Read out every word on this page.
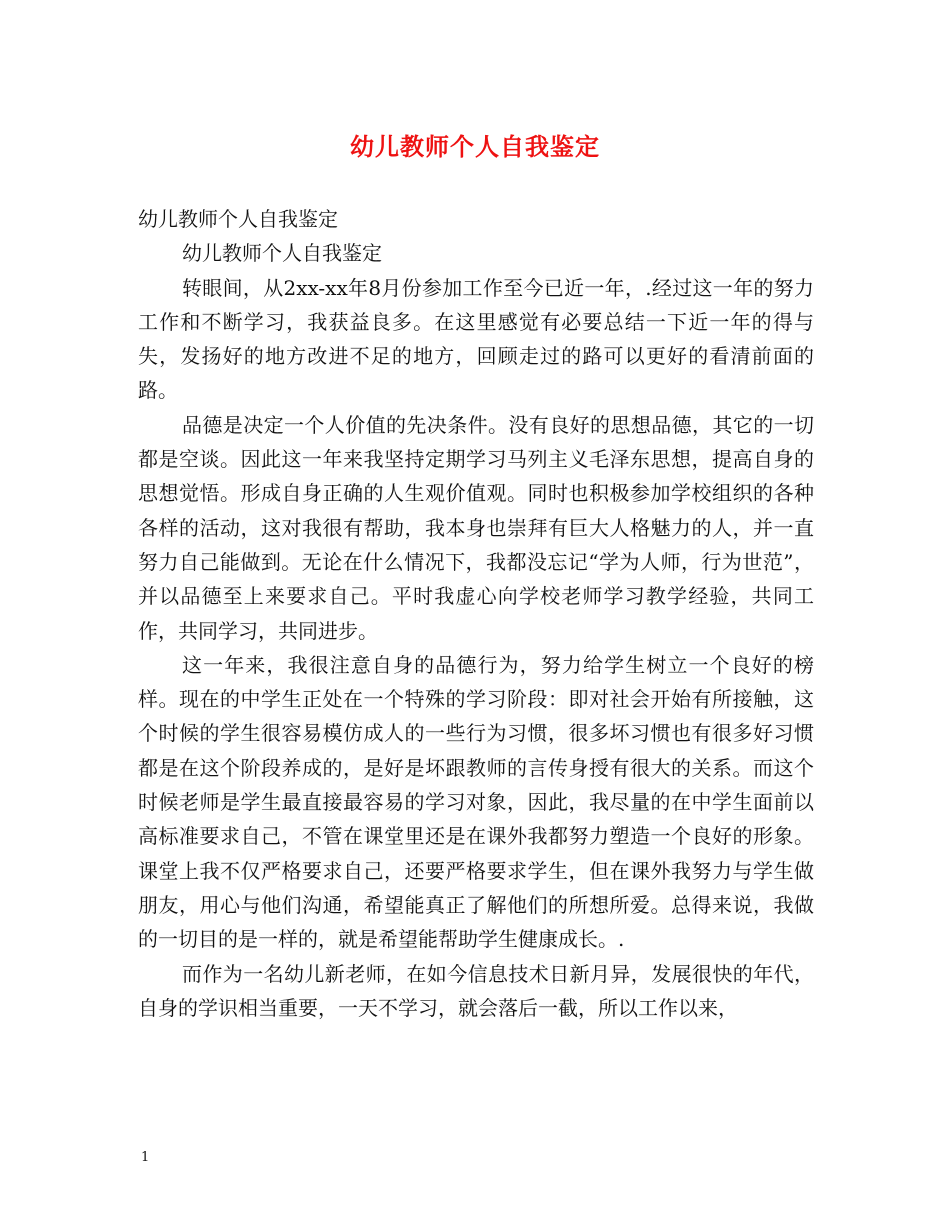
幼儿教师个人自我鉴定

幼儿教师个人自我鉴定

幼儿教师个人自我鉴定

转眼间，从2xx-xx年8月份参加工作至今已近一年，.经过这一年的努力工作和不断学习，我获益良多。在这里感觉有必要总结一下近一年的得与失，发扬好的地方改进不足的地方，回顾走过的路可以更好的看清前面的路。

品德是决定一个人价值的先决条件。没有良好的思想品德，其它的一切都是空谈。因此这一年来我坚持定期学习马列主义毛泽东思想，提高自身的思想觉悟。形成自身正确的人生观价值观。同时也积极参加学校组织的各种各样的活动，这对我很有帮助，我本身也崇拜有巨大人格魅力的人，并一直努力自己能做到。无论在什么情况下，我都没忘记“学为人师，行为世范”，并以品德至上来要求自己。平时我虚心向学校老师学习教学经验，共同工作，共同学习，共同进步。

这一年来，我很注意自身的品德行为，努力给学生树立一个良好的榜样。现在的中学生正处在一个特殊的学习阶段：即对社会开始有所接触，这个时候的学生很容易模仿成人的一些行为习惯，很多坏习惯也有很多好习惯都是在这个阶段养成的，是好是坏跟教师的言传身授有很大的关系。而这个时候老师是学生最直接最容易的学习对象，因此，我尽量的在中学生面前以高标准要求自己，不管在课堂里还是在课外我都努力塑造一个良好的形象。课堂上我不仅严格要求自己，还要严格要求学生，但在课外我努力与学生做朋友，用心与他们沟通，希望能真正了解他们的所想所爱。总得来说，我做的一切目的是一样的，就是希望能帮助学生健康成长。.

而作为一名幼儿新老师，在如今信息技术日新月异，发展很快的年代，自身的学识相当重要，一天不学习，就会落后一截，所以工作以来，

1
